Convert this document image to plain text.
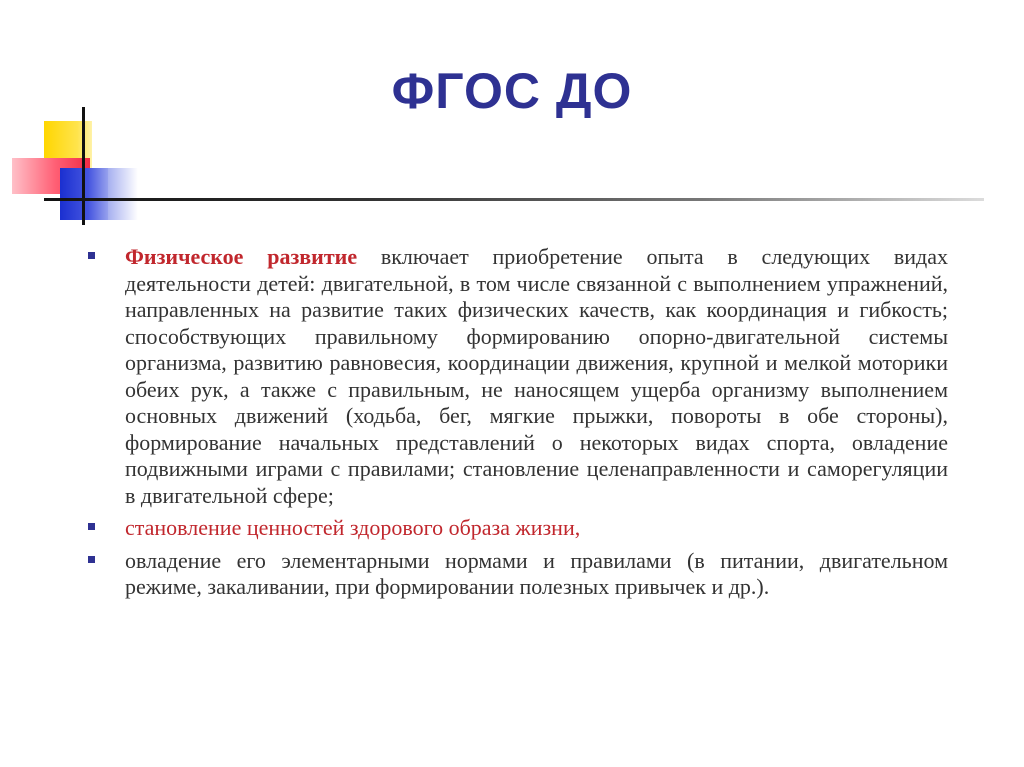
ФГОС ДО
Физическое развитие включает приобретение опыта в следующих видах деятельности детей: двигательной, в том числе связанной с выполнением упражнений, направленных на развитие таких физических качеств, как координация и гибкость; способствующих правильному формированию опорно-двигательной системы организма, развитию равновесия, координации движения, крупной и мелкой моторики обеих рук, а также с правильным, не наносящем ущерба организму выполнением основных движений (ходьба, бег, мягкие прыжки, повороты в обе стороны), формирование начальных представлений о некоторых видах спорта, овладение подвижными играми с правилами; становление целенаправленности и саморегуляции в двигательной сфере;
становление ценностей здорового образа жизни,
овладение его элементарными нормами и правилами (в питании, двигательном режиме, закаливании, при формировании полезных привычек и др.).
